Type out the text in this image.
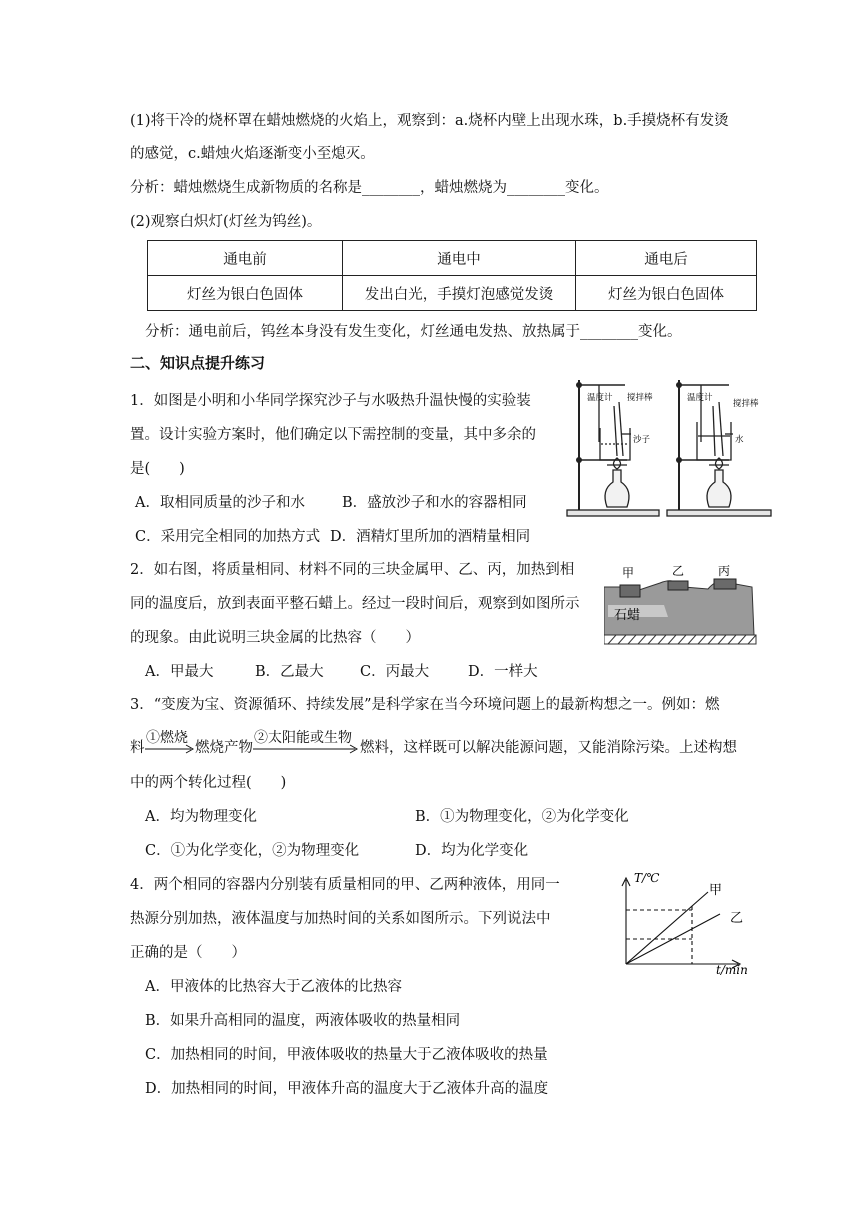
(1)将干冷的烧杯罩在蜡烛燃烧的火焰上，观察到：a.烧杯内壁上出现水珠，b.手摸烧杯有发烫
的感觉，c.蜡烛火焰逐渐变小至熄灭。
分析：蜡烛燃烧生成新物质的名称是________，蜡烛燃烧为________变化。
(2)观察白炽灯(灯丝为钨丝)。
通电前	通电中	通电后
灯丝为银白色固体	发出白光，手摸灯泡感觉发烫	灯丝为银白色固体
分析：通电前后，钨丝本身没有发生变化，灯丝通电发热、放热属于________变化。
二、知识点提升练习
1．如图是小明和小华同学探究沙子与水吸热升温快慢的实验装
置。设计实验方案时，他们确定以下需控制的变量，其中多余的
是(　　)
A．取相同质量的沙子和水	B．盛放沙子和水的容器相同
C．采用完全相同的加热方式 D．酒精灯里所加的酒精量相同
温度计 搅拌棒
沙子
温度计
搅拌棒
水
2．如右图，将质量相同、材料不同的三块金属甲、乙、丙，加热到相
同的温度后，放到表面平整石蜡上。经过一段时间后，观察到如图所示
的现象。由此说明三块金属的比热容（　　）
A．甲最大	B．乙最大	C．丙最大	D．一样大
甲	乙	丙
石蜡
3．“变废为宝、资源循环、持续发展”是科学家在当今环境问题上的最新构想之一。例如：燃
料
①燃烧
燃烧产物
②太阳能或生物
燃料，这样既可以解决能源问题，又能消除污染。上述构想
中的两个转化过程(　　)
A．均为物理变化	B．①为物理变化，②为化学变化
C．①为化学变化，②为物理变化	D．均为化学变化
4．两个相同的容器内分别装有质量相同的甲、乙两种液体，用同一
热源分别加热，液体温度与加热时间的关系如图所示。下列说法中
正确的是（　　）
A．甲液体的比热容大于乙液体的比热容
B．如果升高相同的温度，两液体吸收的热量相同
C．加热相同的时间，甲液体吸收的热量大于乙液体吸收的热量
D．加热相同的时间，甲液体升高的温度大于乙液体升高的温度
T/℃
t/min
甲
乙
